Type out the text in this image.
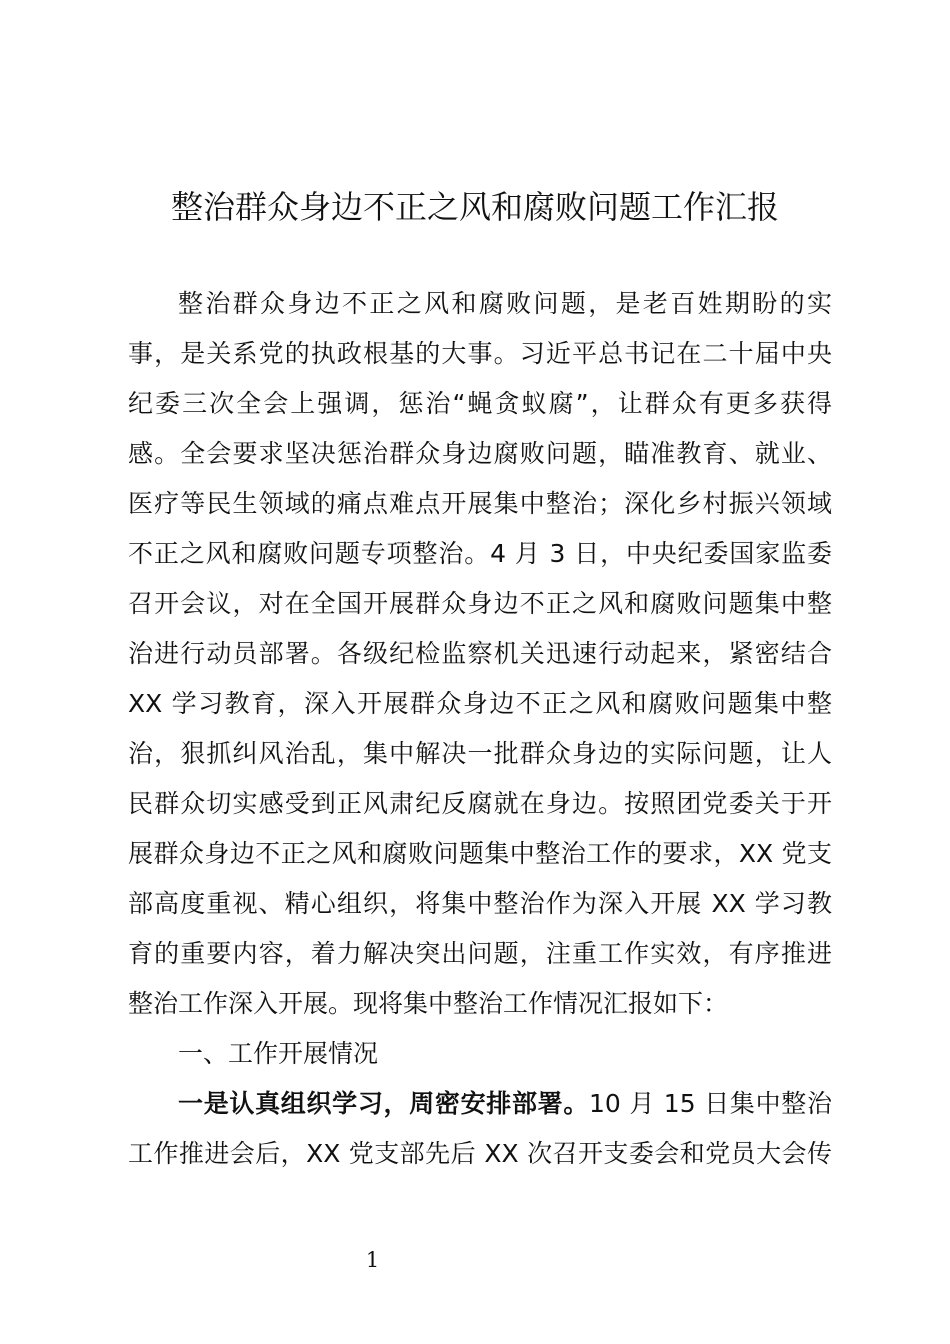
整治群众身边不正之风和腐败问题工作汇报
整治群众身边不正之风和腐败问题，是老百姓期盼的实
事，是关系党的执政根基的大事。习近平总书记在二十届中央
纪委三次全会上强调，惩治“蝇贪蚁腐”，让群众有更多获得
感。全会要求坚决惩治群众身边腐败问题，瞄准教育、就业、
医疗等民生领域的痛点难点开展集中整治；深化乡村振兴领域
不正之风和腐败问题专项整治。4 月 3 日，中央纪委国家监委
召开会议，对在全国开展群众身边不正之风和腐败问题集中整
治进行动员部署。各级纪检监察机关迅速行动起来，紧密结合
XX 学习教育，深入开展群众身边不正之风和腐败问题集中整
治，狠抓纠风治乱，集中解决一批群众身边的实际问题，让人
民群众切实感受到正风肃纪反腐就在身边。按照团党委关于开
展群众身边不正之风和腐败问题集中整治工作的要求，XX 党支
部高度重视、精心组织，将集中整治作为深入开展 XX 学习教
育的重要内容，着力解决突出问题，注重工作实效，有序推进
整治工作深入开展。现将集中整治工作情况汇报如下：
一、工作开展情况
一是认真组织学习，周密安排部署。10 月 15 日集中整治
工作推进会后，XX 党支部先后 XX 次召开支委会和党员大会传
1
